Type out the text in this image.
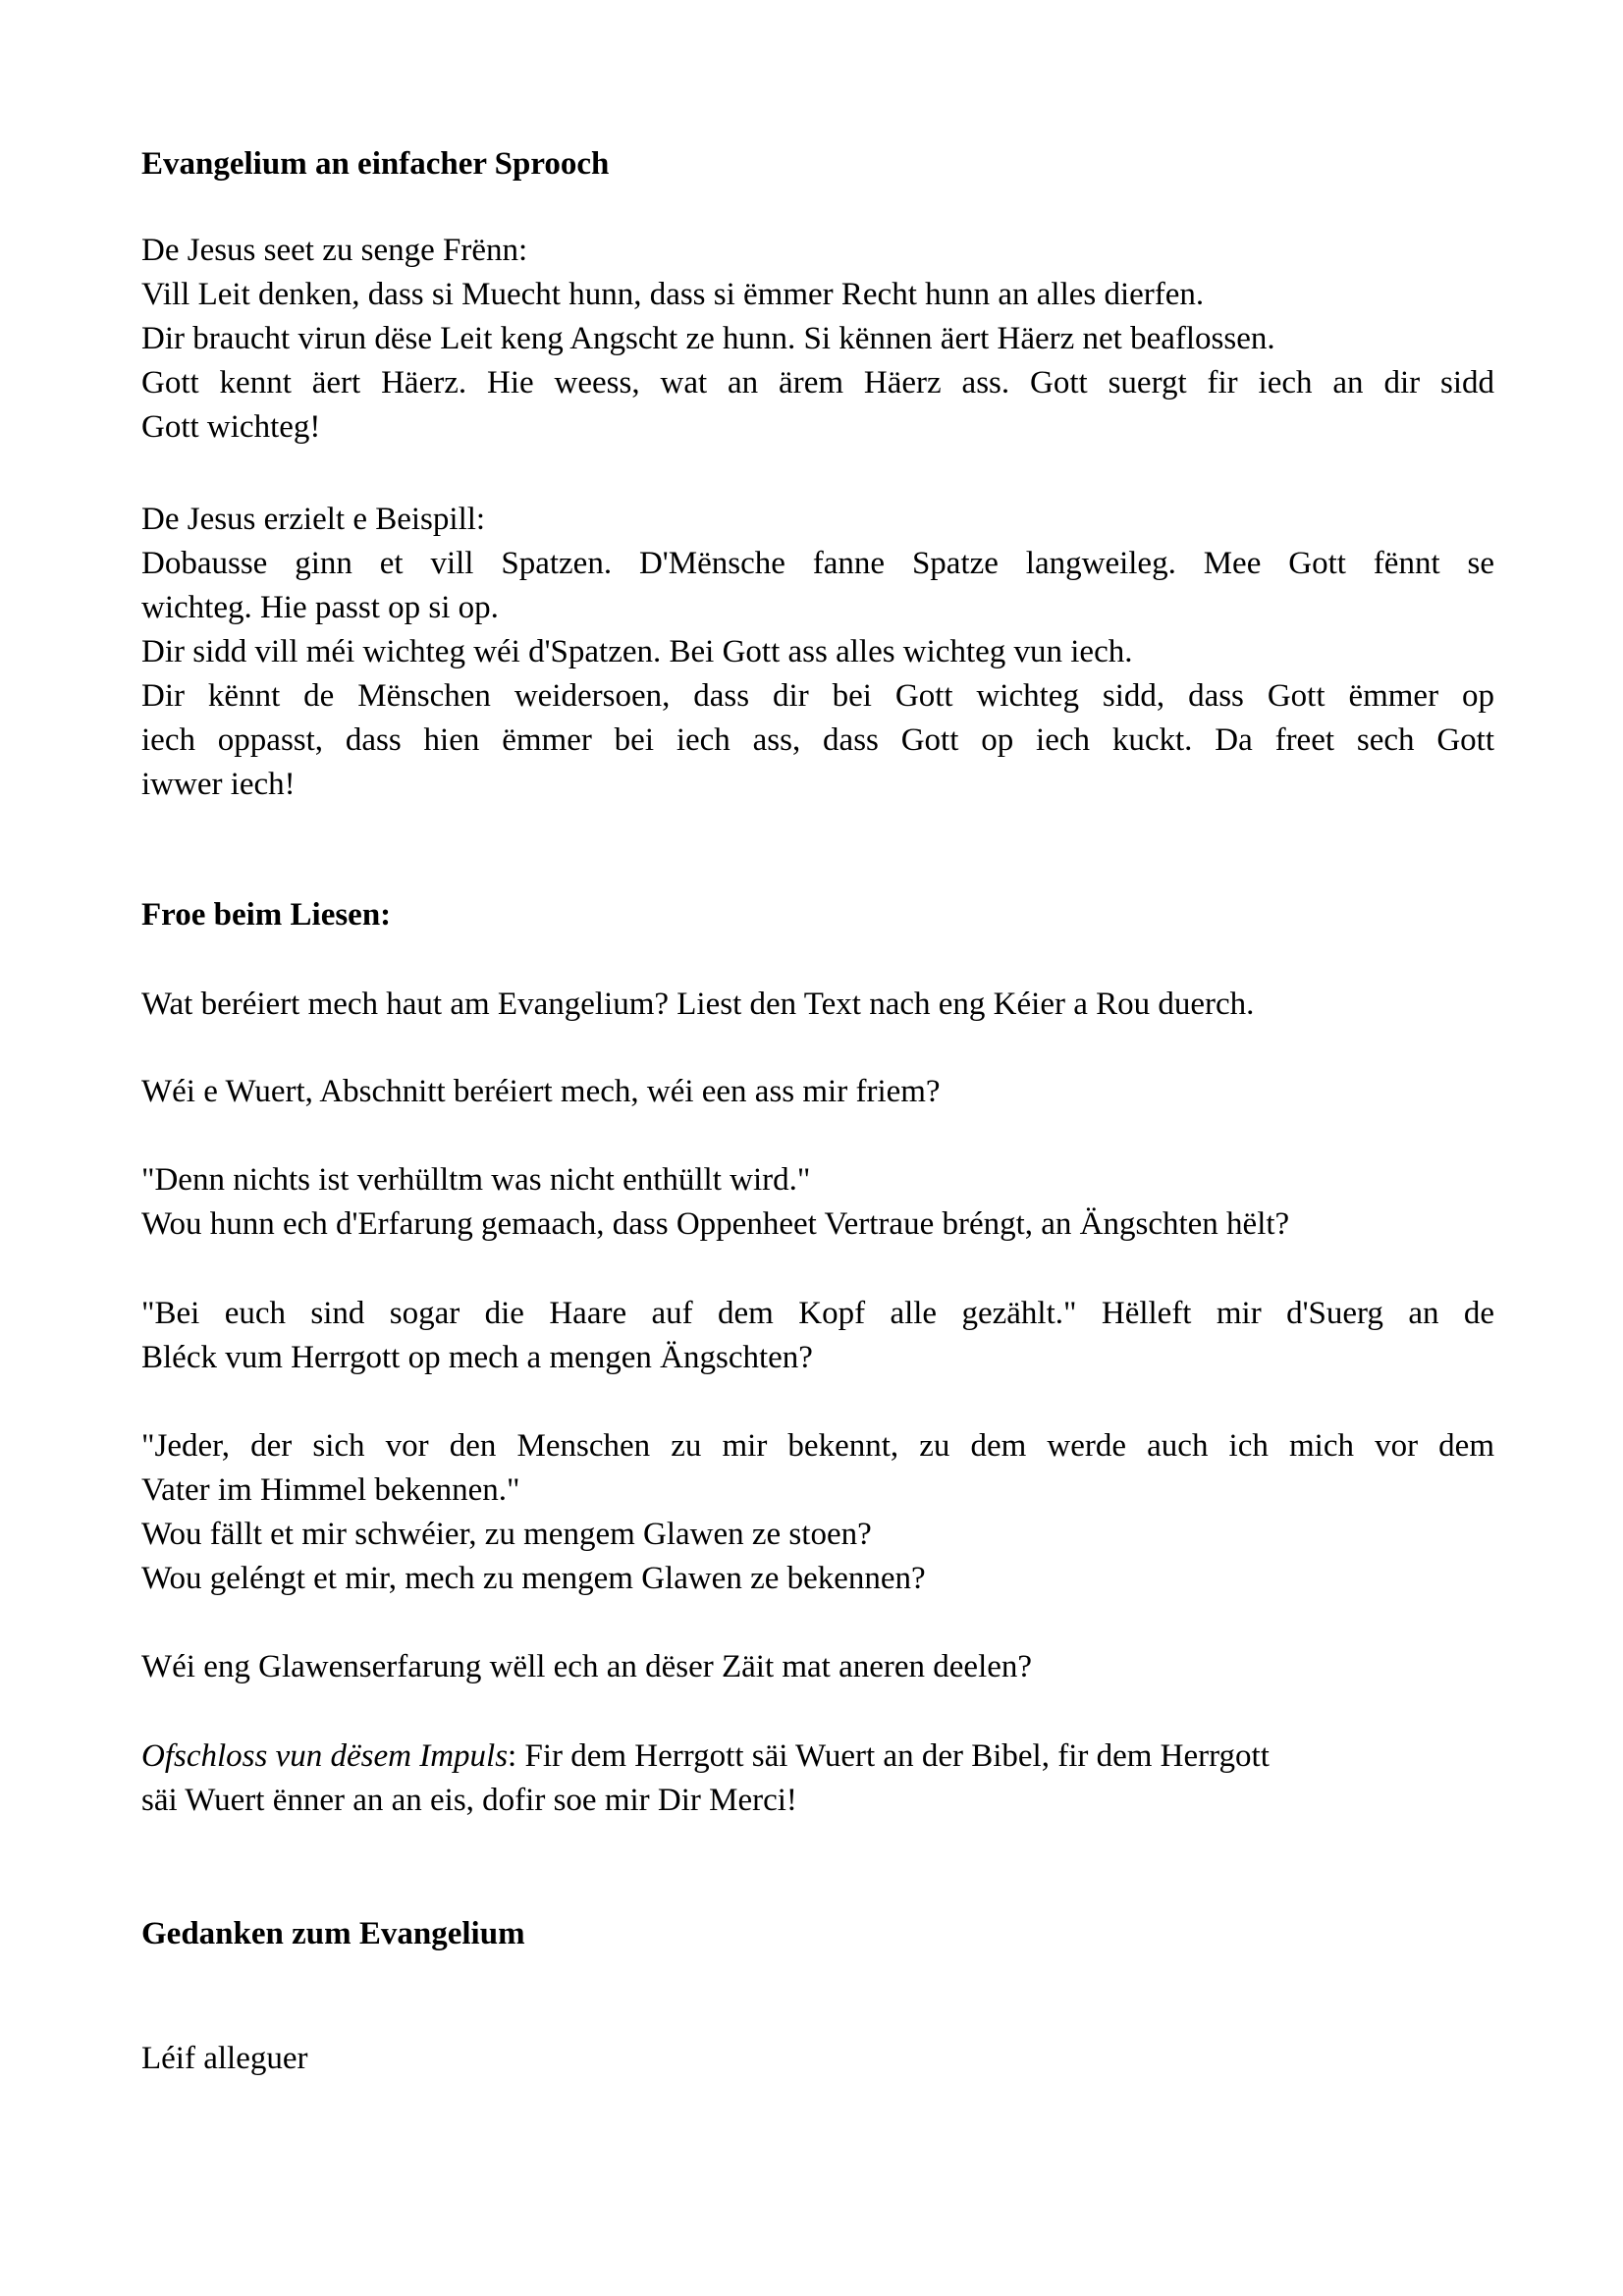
Evangelium an einfacher Sprooch
De Jesus seet zu senge Frënn:
Vill Leit denken, dass si Muecht hunn, dass si ëmmer Recht hunn an alles dierfen.
Dir braucht virun dëse Leit keng Angscht ze hunn. Si kënnen äert Häerz net beaflossen.
Gott kennt äert Häerz. Hie weess, wat an ärem Häerz ass. Gott suergt fir iech an dir sidd
Gott wichteg!
De Jesus erzielt e Beispill:
Dobausse ginn et vill Spatzen. D'Mënsche fanne Spatze langweileg. Mee Gott fënnt se
wichteg. Hie passt op si op.
Dir sidd vill méi wichteg wéi d'Spatzen. Bei Gott ass alles wichteg vun iech.
Dir kënnt de Mënschen weidersoen, dass dir bei Gott wichteg sidd, dass Gott ëmmer op
iech oppasst, dass hien ëmmer bei iech ass, dass Gott op iech kuckt. Da freet sech Gott
iwwer iech!
Froe beim Liesen:
Wat beréiert mech haut am Evangelium? Liest den Text nach eng Kéier a Rou duerch.
Wéi e Wuert, Abschnitt beréiert mech, wéi een ass mir friem?
"Denn nichts ist verhülltm was nicht enthüllt wird."
Wou hunn ech d'Erfarung gemaach, dass Oppenheet Vertraue bréngt, an Ängschten hëlt?
"Bei euch sind sogar die Haare auf dem Kopf alle gezählt." Hëlleft mir d'Suerg an de
Bléck vum Herrgott op mech a mengen Ängschten?
"Jeder, der sich vor den Menschen zu mir bekennt, zu dem werde auch ich mich vor dem
Vater im Himmel bekennen."
Wou fällt et mir schwéier, zu mengem Glawen ze stoen?
Wou geléngt et mir, mech zu mengem Glawen ze bekennen?
Wéi eng Glawenserfarung wëll ech an dëser Zäit mat aneren deelen?
Ofschloss vun dësem Impuls: Fir dem Herrgott säi Wuert an der Bibel, fir dem Herrgott
säi Wuert ënner an an eis, dofir soe mir Dir Merci!
Gedanken zum Evangelium
Léif alleguer
